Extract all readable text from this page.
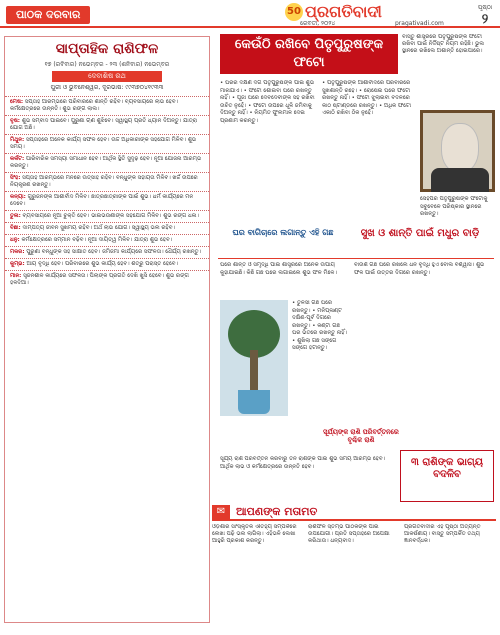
ପାଠକ ଦରବାର	50 ପ୍ରଗତିବାଦୀ
ରେବତୀ, ୨୦୨୪	pragativadi.com
ପୃଷ୍ଠା
୨
ସାପ୍ତାହିକ ରାଶିଫଳ
୧୭ (ରବିବାର) ନଭେମ୍ବର - ୨୩ (ଶନିବାର) ନଭେମ୍ବର
ଦେବାଶିଷ ରଥ
ପୁରୀ ଓ ଭୁବନେଶ୍ୱର, ଦୂରଭାଷ: ୯୯୩୭୦୪୧୯୩୩
ମେଷ: ସପ୍ତାହ ଆରମ୍ଭରେ ପରିବାରରେ ଶାନ୍ତି ରହିବ। ବ୍ୟବସାୟରେ ଲାଭ ହେବ। କର୍ମକ୍ଷେତ୍ରରେ ଉନ୍ନତି। ଶୁଭ ରଙ୍ଗ ଲାଲ।
ବୃଷ: ଶୁଭ ସମ୍ବାଦ ପାଇବେ। ପୁରୁଣା ଋଣ ଶୁଝିବେ। ସ୍ୱାସ୍ଥ୍ୟ ପ୍ରତି ଧ୍ୟାନ ଦିଅନ୍ତୁ। ଯାତ୍ରା ଯୋଗ ଅଛି।
ମିଥୁନ: ସପ୍ତାହରେ ଅନେକ କାର୍ଯ୍ୟ ସଫଳ ହେବ। ଉଚ୍ଚ ଅଧିକାରୀଙ୍କ ସହଯୋଗ ମିଳିବ। ଶୁଭ ସମୟ।
କର୍କଟ: ପାରିବାରିକ ସମସ୍ୟା ସମାଧାନ ହେବ। ଆର୍ଥିକ ସ୍ଥିତି ସୁଦୃଢ଼ ହେବ। ନୂଆ ଯୋଜନା ଆରମ୍ଭ କରନ୍ତୁ।
ସିଂହ: ସପ୍ତାହ ଆରମ୍ଭରେ ମନରେ ଉତ୍ସାହ ରହିବ। ବନ୍ଧୁଙ୍କ ସହାୟତା ମିଳିବ। ଖର୍ଚ୍ଚ ଉପରେ ନିୟନ୍ତ୍ରଣ ରଖନ୍ତୁ।
କନ୍ୟା: ଗୁରୁଜନଙ୍କ ଆଶୀର୍ବାଦ ମିଳିବ। ଛାତ୍ରଛାତ୍ରୀଙ୍କ ପାଇଁ ଶୁଭ। ଧର୍ମ କାର୍ଯ୍ୟରେ ମନ ଦେବେ।
ତୁଳା: ବ୍ୟବସାୟରେ ନୂଆ ଚୁକ୍ତି ହେବ। ଭାଇଭଉଣୀଙ୍କ ସହଯୋଗ ମିଳିବ। ଶୁଭ ରଙ୍ଗ ଧଳା।
ବିଛା: ଦାମ୍ପତ୍ୟ ଜୀବନ ସୁଖମୟ ରହିବ। ଅର୍ଥ ଲାଭ ଯୋଗ। ସ୍ୱାସ୍ଥ୍ୟ ଭଲ ରହିବ।
ଧନୁ: କର୍ମକ୍ଷେତ୍ରରେ ସମ୍ମାନ ବଢ଼ିବ। ନୂଆ ଦାୟିତ୍ୱ ମିଳିବ। ଯାତ୍ରା ଶୁଭ ହେବ।
ମକର: ପୁରୁଣା ବନ୍ଧୁଙ୍କ ସହ ସାକ୍ଷାତ ହେବ। ଜମିଜମା କାର୍ଯ୍ୟରେ ସଫଳତା। ଧୈର୍ଯ୍ୟ ରଖନ୍ତୁ।
କୁମ୍ଭ: ଆୟ ବୃଦ୍ଧି ହେବ। ପରିବାରରେ ଶୁଭ କାର୍ଯ୍ୟ ହେବ। ଶତ୍ରୁ ପରାସ୍ତ ହେବେ।
ମୀନ: ସୃଜନଶୀଳ କାର୍ଯ୍ୟରେ ସଫଳତା। ପିଲାଙ୍କ ପ୍ରଗତି ଦେଖି ଖୁସି ହେବେ। ଶୁଭ ରଙ୍ଗ ହଳଦିଆ।
କେଉଁଠି ରଖିବେ ପିତୃପୁରୁଷଙ୍କ ଫଟୋ
ବାସ୍ତୁ ଶାସ୍ତ୍ରରେ ପିତୃପୁରୁଷଙ୍କ ଫଟୋ ରଖିବା ପାଇଁ ନିର୍ଦ୍ଦିଷ୍ଟ ନିୟମ ରହିଛି। ଭୁଲ ସ୍ଥାନରେ ରଖିଲେ ଅଶାନ୍ତି ହୋଇପାରେ।
• ଘରର ଦକ୍ଷିଣ ଦିଗ ପିତୃପୁରୁଷଙ୍କ ପାଇଁ ଶୁଭ ମାନାଯାଏ। • ଫଟୋ ଶୋଇବା ଘରେ ରଖନ୍ତୁ ନାହିଁ। • ପୂଜା ଘରେ ଦେବଦେବୀଙ୍କ ସହ ରଖିବା ଉଚିତ ନୁହେଁ। • ଫଟୋ ଉପରେ ଧୂଳି ଜମିବାକୁ ଦିଅନ୍ତୁ ନାହିଁ। • ନିୟମିତ ଫୁଲମାଳ ଦେଇ ପ୍ରଣାମ କରନ୍ତୁ।
• ପିତୃପୁରୁଷଙ୍କ ଆଶୀର୍ବାଦରେ ପରିବାରରେ ସୁଖଶାନ୍ତି ରହେ। • ରୋଷେଇ ଘରେ ଫଟୋ ରଖନ୍ତୁ ନାହିଁ। • ଫଟୋ ଝୁଲାଇବା ବଦଳରେ କାଠ ଷ୍ଟାଣ୍ଡରେ ରଖନ୍ତୁ। • ଅଧିକ ଫଟୋ ଏକାଠି ରଖିବା ଠିକ ନୁହେଁ।
ସେହିପରି ପିତୃପୁରୁଷଙ୍କ ଫଟୋକୁ ସବୁବେଳେ ପରିଷ୍କାର ସ୍ଥାନରେ ରଖନ୍ତୁ।
ଘର ବାଗିଚାରେ ଲଗାନ୍ତୁ ଏହି ଗଛ	ସୁଖ ଓ ଶାନ୍ତି ପାଇଁ ମଧୁର ବାଡ଼ି
ଘରେ ଶାନ୍ତି ଓ ସମୃଦ୍ଧି ପାଇଁ ଶାସ୍ତ୍ରରେ ଅନେକ ଉପାୟ କୁହାଯାଇଛି। କିଛି ଗଛ ଘରେ ଲଗାଇଲେ ଶୁଭ ଫଳ ମିଳେ।
• ତୁଳସୀ ଗଛ ଘରେ ରଖନ୍ତୁ। • ମନିପ୍ଳାଣ୍ଟ ଦକ୍ଷିଣ-ପୂର୍ବ ଦିଗରେ ରଖନ୍ତୁ। • କଣ୍ଟା ଗଛ ଘର ଭିତରେ ରଖନ୍ତୁ ନାହିଁ। • ଶୁଖିଲା ଗଛ ସଙ୍ଗେ ସଙ୍ଗେ ହଟାନ୍ତୁ।
ବାଉଁଶ ଗଛ ଘରେ ରଖିଲେ ଧନ ବୃଦ୍ଧି ହୁଏ ବୋଲି ବିଶ୍ୱାସ। ଶୁଭ ଫଳ ପାଇଁ ଉତ୍ତର ଦିଗରେ ରଖନ୍ତୁ।
ସୂର୍ଯ୍ୟଙ୍କ ରାଶି ପରିବର୍ତ୍ତନରେ ବୃଶ୍ଚିକ ରାଶି
୩ ରାଶିଙ୍କ ଭାଗ୍ୟ ବଦଳିବ
ସୂର୍ଯ୍ୟ ରାଶି ପରିବର୍ତ୍ତନ କରିବାରୁ ତିନି ରାଶିଙ୍କ ପାଇଁ ଶୁଭ ସମୟ ଆରମ୍ଭ ହେବ। ଆର୍ଥିକ ଲାଭ ଓ କର୍ମକ୍ଷେତ୍ରରେ ଉନ୍ନତି ହେବ।
✉ ଆପଣଙ୍କ ମତାମତ
ଓଡ଼ିଶାର ସାଂସ୍କୃତିକ ଐତିହ୍ୟ ସମ୍ପର୍କରେ ଲେଖା ପଢ଼ି ଭଲ ଲାଗିଲା। ଏହିଭଳି ଲେଖା ଆହୁରି ପ୍ରକାଶ କରନ୍ତୁ।
ରାଶିଫଳ ସ୍ତମ୍ଭ ପାଠକଙ୍କ ପାଇଁ ଉପଯୋଗୀ। ପ୍ରତି ସପ୍ତାହରେ ଅପେକ୍ଷା କରିଥାଉ। ଧନ୍ୟବାଦ।
ପ୍ରଗତିବାଦୀର ଏହି ପୃଷ୍ଠା ଅତ୍ୟନ୍ତ ଆକର୍ଷଣୀୟ। ବାସ୍ତୁ ସମ୍ପର୍କିତ ତଥ୍ୟ ଜ୍ଞାନବର୍ଦ୍ଧକ।
